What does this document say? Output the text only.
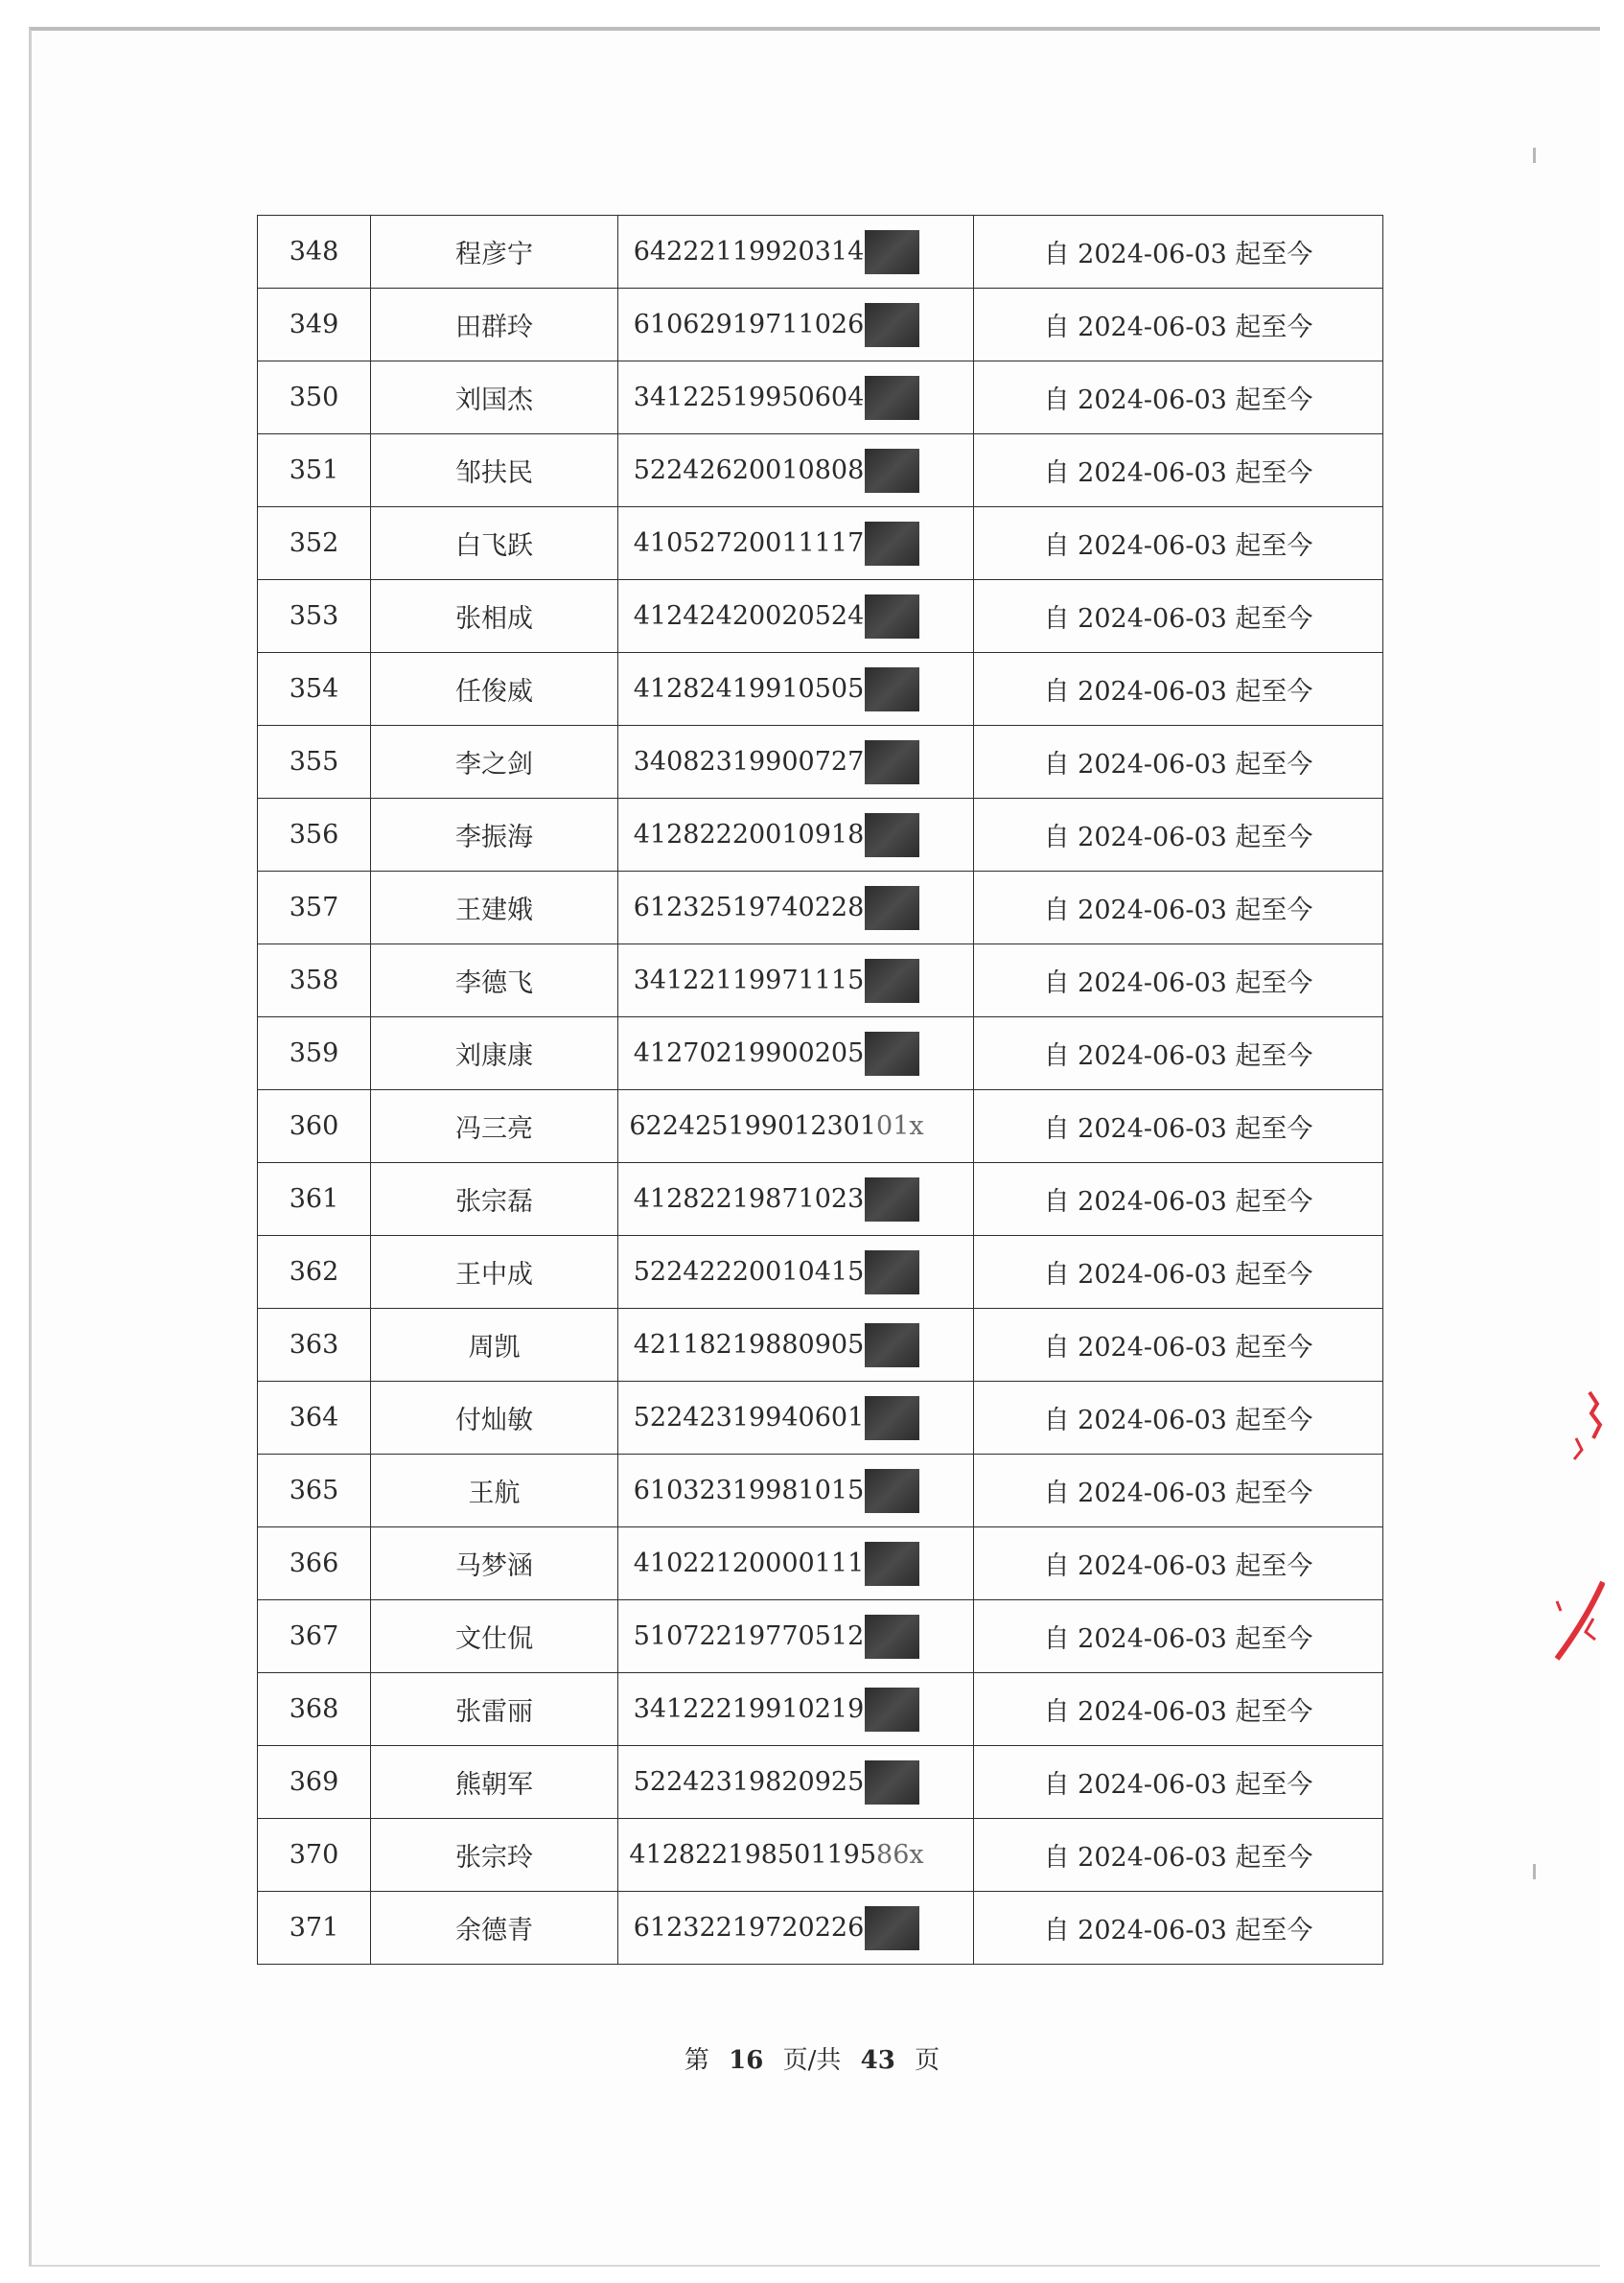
348	程彦宁	64222119920314	自 2024-06-03 起至今
349	田群玲	61062919711026	自 2024-06-03 起至今
350	刘国杰	34122519950604	自 2024-06-03 起至今
351	邹扶民	52242620010808	自 2024-06-03 起至今
352	白飞跃	41052720011117	自 2024-06-03 起至今
353	张相成	41242420020524	自 2024-06-03 起至今
354	任俊威	41282419910505	自 2024-06-03 起至今
355	李之剑	34082319900727	自 2024-06-03 起至今
356	李振海	41282220010918	自 2024-06-03 起至今
357	王建娥	61232519740228	自 2024-06-03 起至今
358	李德飞	34122119971115	自 2024-06-03 起至今
359	刘康康	41270219900205	自 2024-06-03 起至今
360	冯三亮	622425199012301 01x	自 2024-06-03 起至今
361	张宗磊	41282219871023	自 2024-06-03 起至今
362	王中成	52242220010415	自 2024-06-03 起至今
363	周凯	42118219880905	自 2024-06-03 起至今
364	付灿敏	52242319940601	自 2024-06-03 起至今
365	王航	61032319981015	自 2024-06-03 起至今
366	马梦涵	41022120000111	自 2024-06-03 起至今
367	文仕侃	51072219770512	自 2024-06-03 起至今
368	张雷丽	34122219910219	自 2024-06-03 起至今
369	熊朝军	52242319820925	自 2024-06-03 起至今
370	张宗玲	412822198501195 86x	自 2024-06-03 起至今
371	余德青	61232219720226	自 2024-06-03 起至今
第 16 页/共 43 页
